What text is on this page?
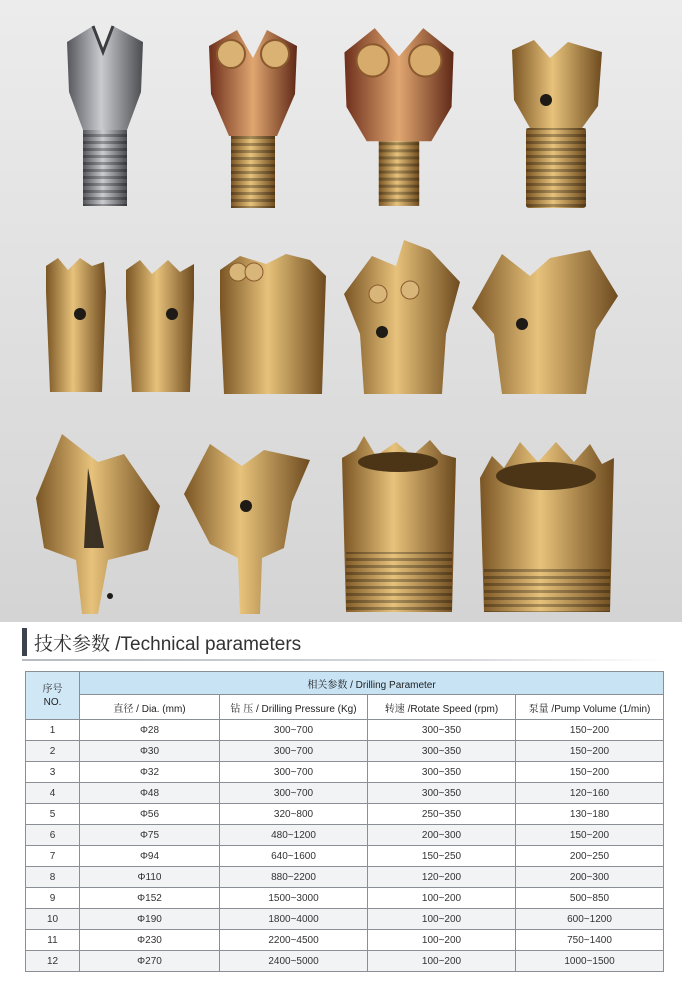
技术参数 /Technical parameters
序号
NO.	相关参数 / Drilling Parameter			
	直径 / Dia. (mm)	钻 压 / Drilling Pressure (Kg)	转速 /Rotate Speed (rpm)	泵量 /Pump Volume (1/min)
1	Φ28	300~700	300~350	150~200
2	Φ30	300~700	300~350	150~200
3	Φ32	300~700	300~350	150~200
4	Φ48	300~700	300~350	120~160
5	Φ56	320~800	250~350	130~180
6	Φ75	480~1200	200~300	150~200
7	Φ94	640~1600	150~250	200~250
8	Φ110	880~2200	120~200	200~300
9	Φ152	1500~3000	100~200	500~850
10	Φ190	1800~4000	100~200	600~1200
11	Φ230	2200~4500	100~200	750~1400
12	Φ270	2400~5000	100~200	1000~1500
